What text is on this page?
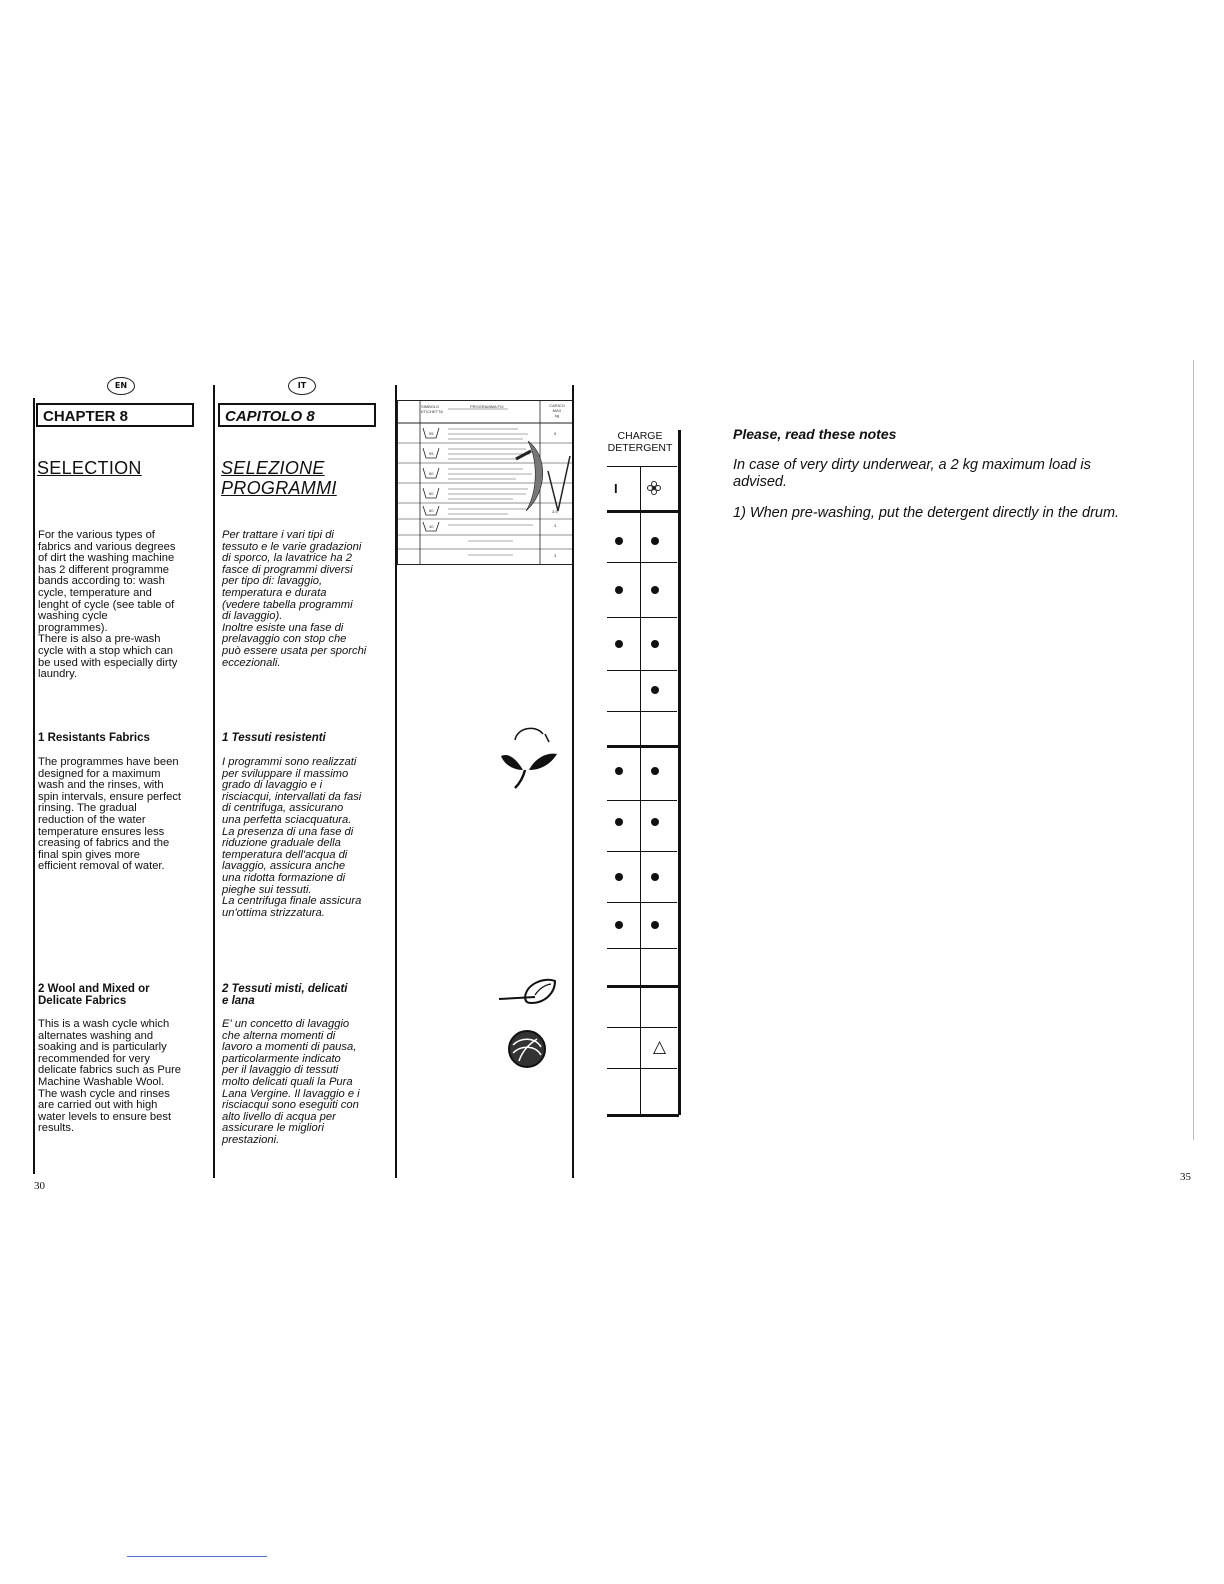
EN
CHAPTER 8
SELECTION
For the various types of
fabrics and various degrees
of dirt the washing machine
has 2 different programme
bands according to: wash
cycle, temperature and
lenght of cycle (see table of
washing cycle
programmes).
There is also a pre-wash
cycle with a stop which can
be used with especially dirty
laundry.
1 Resistants Fabrics
The programmes have been
designed for a maximum
wash and the rinses, with
spin intervals, ensure perfect
rinsing. The gradual
reduction of the water
temperature ensures less
creasing of fabrics and the
final spin gives more
efficient removal of water.
2 Wool and Mixed or
Delicate Fabrics
This is a wash cycle which
alternates washing and
soaking and is particularly
recommended for very
delicate fabrics such as Pure
Machine Washable Wool.
The wash cycle and rinses
are carried out with high
water levels to ensure best
results.
30
IT
CAPITOLO 8
SELEZIONE
PROGRAMMI
Per trattare i vari tipi di
tessuto e le varie gradazioni
di sporco, la lavatrice ha 2
fasce di programmi diversi
per tipo di: lavaggio,
temperatura e durata
(vedere tabella programmi
di lavaggio).
Inoltre esiste una fase di
prelavaggio con stop che
può essere usata per sporchi
eccezionali.
1 Tessuti resistenti
I programmi sono realizzati
per sviluppare il massimo
grado di lavaggio e i
risciacqui, intervallati da fasi
di centrifuga, assicurano
una perfetta sciacquatura.
La presenza di una fase di
riduzione graduale della
temperatura dell'acqua di
lavaggio, assicura anche
una ridotta formazione di
pieghe sui tessuti.
La centrifuga finale assicura
un'ottima strizzatura.
2 Tessuti misti, delicati
e lana
E' un concetto di lavaggio
che alterna momenti di
lavoro a momenti di pausa,
particolarmente indicato
per il lavaggio di tessuti
molto delicati quali la Pura
Lana Vergine. Il lavaggio e i
risciacqui sono eseguiti con
alto livello di acqua per
assicurare le migliori
prestazioni.
SIMBOLO
ETICHETTA
PROGRAMMA FIX	CARICO
MAX
kg
95
95
60
60
60
40
5
3.5
3
3
CHARGE
DETERGENT
I
△
Please, read these notes
In case of very dirty underwear, a 2 kg maximum load is
advised.
1) When pre-washing, put the detergent directly in the drum.
35
